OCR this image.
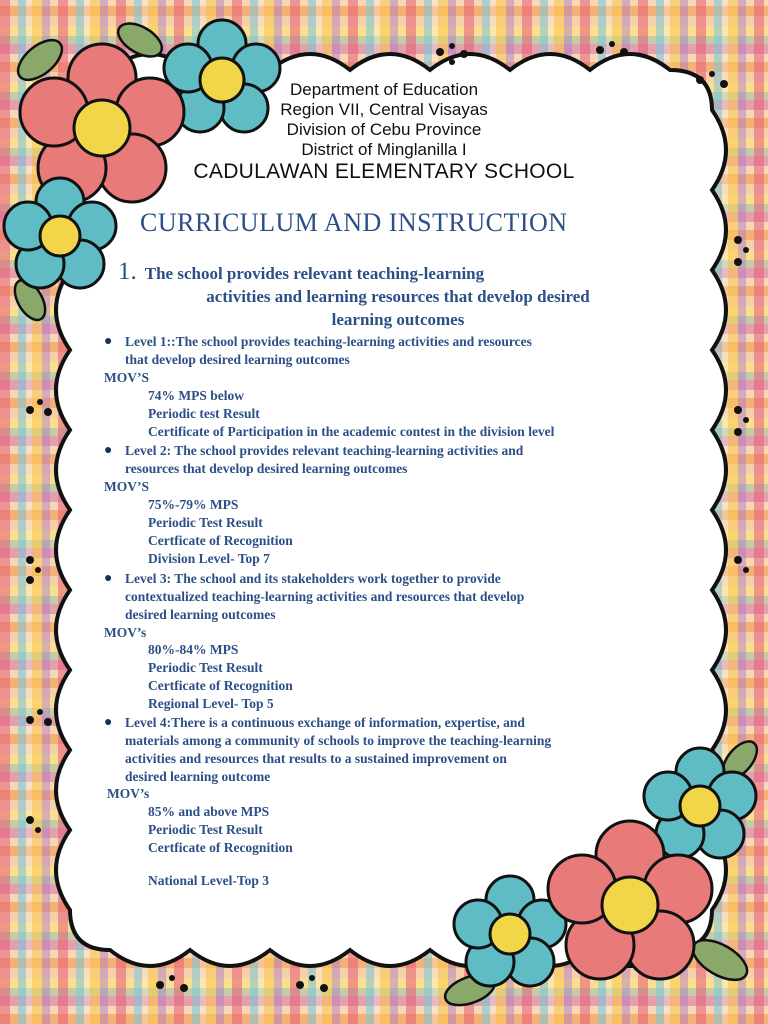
Department of Education
Region VII, Central Visayas
Division of Cebu Province
District of Minglanilla I
CADULAWAN ELEMENTARY SCHOOL
CURRICULUM AND INSTRUCTION
1. The school provides relevant teaching-learning
activities and learning resources that develop desired
learning outcomes
● Level 1::The school provides teaching-learning activities and resources
that develop desired learning outcomes
MOV’S
74% MPS below
Periodic test Result
Certificate of Participation in the academic contest in the division level
● Level 2: The school provides relevant teaching-learning activities and
resources that develop desired learning outcomes
MOV’S
75%-79% MPS
Periodic Test Result
Certficate of Recognition
Division Level- Top 7
● Level 3: The school and its stakeholders work together to provide
contextualized teaching-learning activities and resources that develop
desired learning outcomes
MOV’s
80%-84% MPS
Periodic Test Result
Certficate of Recognition
Regional Level- Top 5
● Level 4:There is a continuous exchange of information, expertise, and
materials among a community of schools to improve the teaching-learning
activities and resources that results to a sustained improvement on
desired learning outcome
MOV’s
85% and above MPS
Periodic Test Result
Certficate of Recognition
National Level-Top 3
